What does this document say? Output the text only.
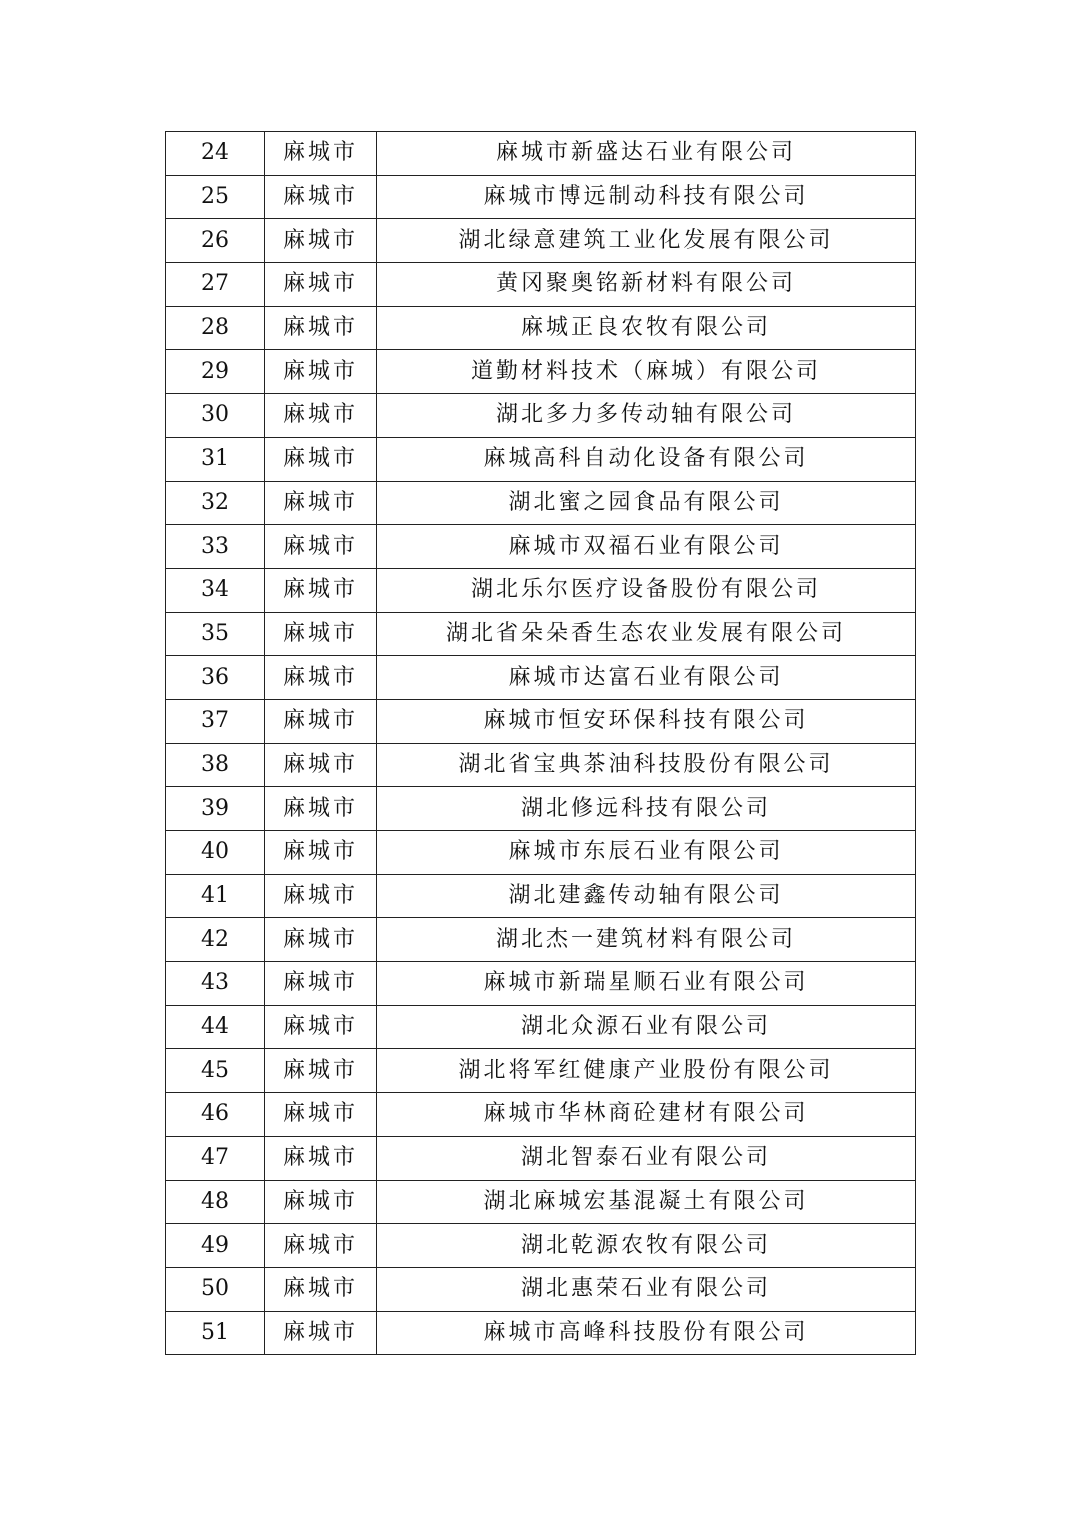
24	麻城市	麻城市新盛达石业有限公司
25	麻城市	麻城市博远制动科技有限公司
26	麻城市	湖北绿意建筑工业化发展有限公司
27	麻城市	黄冈聚奥铭新材料有限公司
28	麻城市	麻城正良农牧有限公司
29	麻城市	道勤材料技术（麻城）有限公司
30	麻城市	湖北多力多传动轴有限公司
31	麻城市	麻城高科自动化设备有限公司
32	麻城市	湖北蜜之园食品有限公司
33	麻城市	麻城市双福石业有限公司
34	麻城市	湖北乐尔医疗设备股份有限公司
35	麻城市	湖北省朵朵香生态农业发展有限公司
36	麻城市	麻城市达富石业有限公司
37	麻城市	麻城市恒安环保科技有限公司
38	麻城市	湖北省宝典茶油科技股份有限公司
39	麻城市	湖北修远科技有限公司
40	麻城市	麻城市东辰石业有限公司
41	麻城市	湖北建鑫传动轴有限公司
42	麻城市	湖北杰一建筑材料有限公司
43	麻城市	麻城市新瑞星顺石业有限公司
44	麻城市	湖北众源石业有限公司
45	麻城市	湖北将军红健康产业股份有限公司
46	麻城市	麻城市华林商砼建材有限公司
47	麻城市	湖北智泰石业有限公司
48	麻城市	湖北麻城宏基混凝土有限公司
49	麻城市	湖北乾源农牧有限公司
50	麻城市	湖北惠荣石业有限公司
51	麻城市	麻城市高峰科技股份有限公司
